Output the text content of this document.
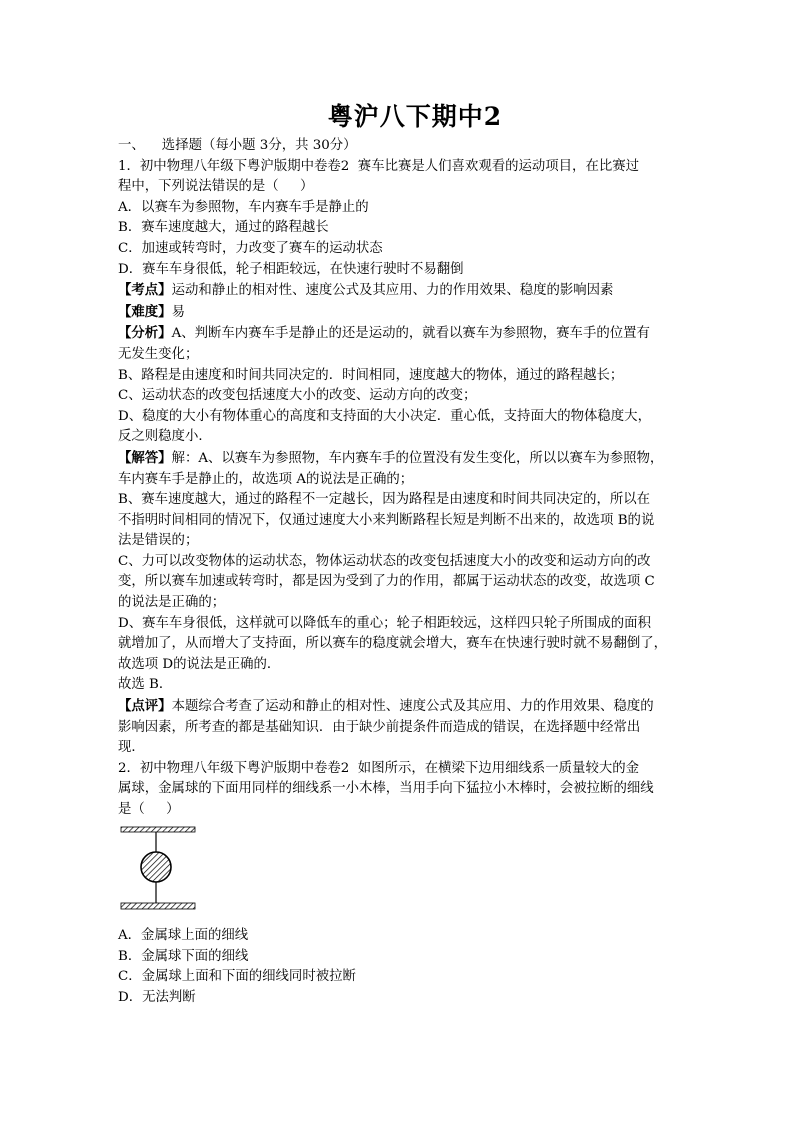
粤沪八下期中2
一、    选择题（每小题 3分，共 30分）
1．初中物理八年级下粤沪版期中卷卷2  赛车比赛是人们喜欢观看的运动项目，在比赛过
程中，下列说法错误的是（     ）
A．以赛车为参照物，车内赛车手是静止的
B．赛车速度越大，通过的路程越长
C．加速或转弯时，力改变了赛车的运动状态
D．赛车车身很低，轮子相距较远，在快速行驶时不易翻倒
【考点】运动和静止的相对性、速度公式及其应用、力的作用效果、稳度的影响因素
【难度】易
【分析】A、判断车内赛车手是静止的还是运动的，就看以赛车为参照物，赛车手的位置有
无发生变化；
B、路程是由速度和时间共同决定的．时间相同，速度越大的物体，通过的路程越长；
C、运动状态的改变包括速度大小的改变、运动方向的改变；
D、稳度的大小有物体重心的高度和支持面的大小决定．重心低，支持面大的物体稳度大，
反之则稳度小．
【解答】解：A、以赛车为参照物，车内赛车手的位置没有发生变化，所以以赛车为参照物，
车内赛车手是静止的，故选项 A的说法是正确的；
B、赛车速度越大，通过的路程不一定越长，因为路程是由速度和时间共同决定的，所以在
不指明时间相同的情况下，仅通过速度大小来判断路程长短是判断不出来的，故选项 B的说
法是错误的；
C、力可以改变物体的运动状态，物体运动状态的改变包括速度大小的改变和运动方向的改
变，所以赛车加速或转弯时，都是因为受到了力的作用，都属于运动状态的改变，故选项 C
的说法是正确的；
D、赛车车身很低，这样就可以降低车的重心；轮子相距较远，这样四只轮子所围成的面积
就增加了，从而增大了支持面，所以赛车的稳度就会增大，赛车在快速行驶时就不易翻倒了，
故选项 D的说法是正确的．
故选 B．
【点评】本题综合考查了运动和静止的相对性、速度公式及其应用、力的作用效果、稳度的
影响因素，所考查的都是基础知识．由于缺少前提条件而造成的错误，在选择题中经常出
现．
2．初中物理八年级下粤沪版期中卷卷2  如图所示，在横梁下边用细线系一质量较大的金
属球，金属球的下面用同样的细线系一小木棒，当用手向下猛拉小木棒时，会被拉断的细线
是（     ）
A．金属球上面的细线
B．金属球下面的细线
C．金属球上面和下面的细线同时被拉断
D．无法判断
